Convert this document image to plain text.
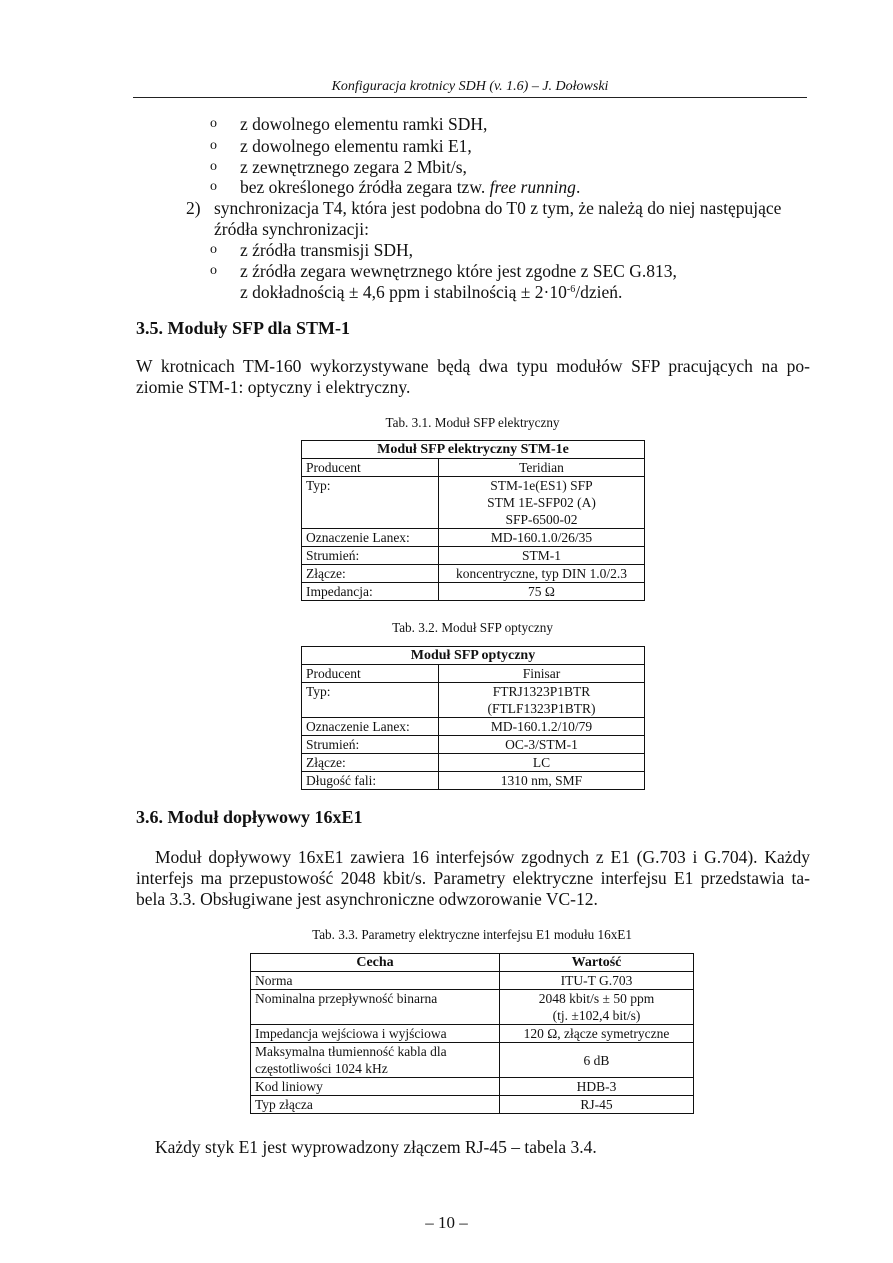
Konfiguracja krotnicy SDH (v. 1.6) – J. Dołowski
o z dowolnego elementu ramki SDH,
o z dowolnego elementu ramki E1,
o z zewnętrznego zegara 2 Mbit/s,
o bez określonego źródła zegara tzw. free running.
2) synchronizacja T4, która jest podobna do T0 z tym, że należą do niej następujące
źródła synchronizacji:
o z źródła transmisji SDH,
o z źródła zegara wewnętrznego które jest zgodne z SEC G.813,
z dokładnością ± 4,6 ppm i stabilnością ± $2\cdot 10^{-6}$/dzień.
3.5. Moduły SFP dla STM-1
W krotnicach TM-160 wykorzystywane będą dwa typu modułów SFP pracujących na po-
ziomie STM-1: optyczny i elektryczny.
Tab. 3.1. Moduł SFP elektryczny
Moduł SFP elektryczny STM-1e	
Producent	Teridian
Typ:	STM-1e(ES1) SFP
STM 1E-SFP02 (A)
SFP-6500-02

Oznaczenie Lanex:	MD-160.1.0/26/35
Strumień:	STM-1
Złącze:	koncentryczne, typ DIN 1.0/2.3
Impedancja:	75 Ω
Tab. 3.2. Moduł SFP optyczny
Moduł SFP optyczny	
Producent	Finisar
Typ:	FTRJ1323P1BTR
(FTLF1323P1BTR)

Oznaczenie Lanex:	MD-160.1.2/10/79
Strumień:	OC-3/STM-1
Złącze:	LC
Długość fali:	1310 nm, SMF
3.6. Moduł dopływowy 16xE1
Moduł dopływowy 16xE1 zawiera 16 interfejsów zgodnych z E1 (G.703 i G.704). Każdy
interfejs ma przepustowość 2048 kbit/s. Parametry elektryczne interfejsu E1 przedstawia ta-
bela 3.3. Obsługiwane jest asynchroniczne odwzorowanie VC-12.
Tab. 3.3. Parametry elektryczne interfejsu E1 modułu 16xE1
Cecha	Wartość
Norma	ITU-T G.703
Nominalna przepływność binarna	2048 kbit/s ± 50 ppm
(tj. ±102,4 bit/s)

Impedancja wejściowa i wyjściowa	120 Ω, złącze symetryczne

Maksymalna tłumienność kabla dla
częstotliwości 1024 kHz	6 dB
Kod liniowy	HDB-3
Typ złącza	RJ-45
Każdy styk E1 jest wyprowadzony złączem RJ-45 – tabela 3.4.
– 10 –
